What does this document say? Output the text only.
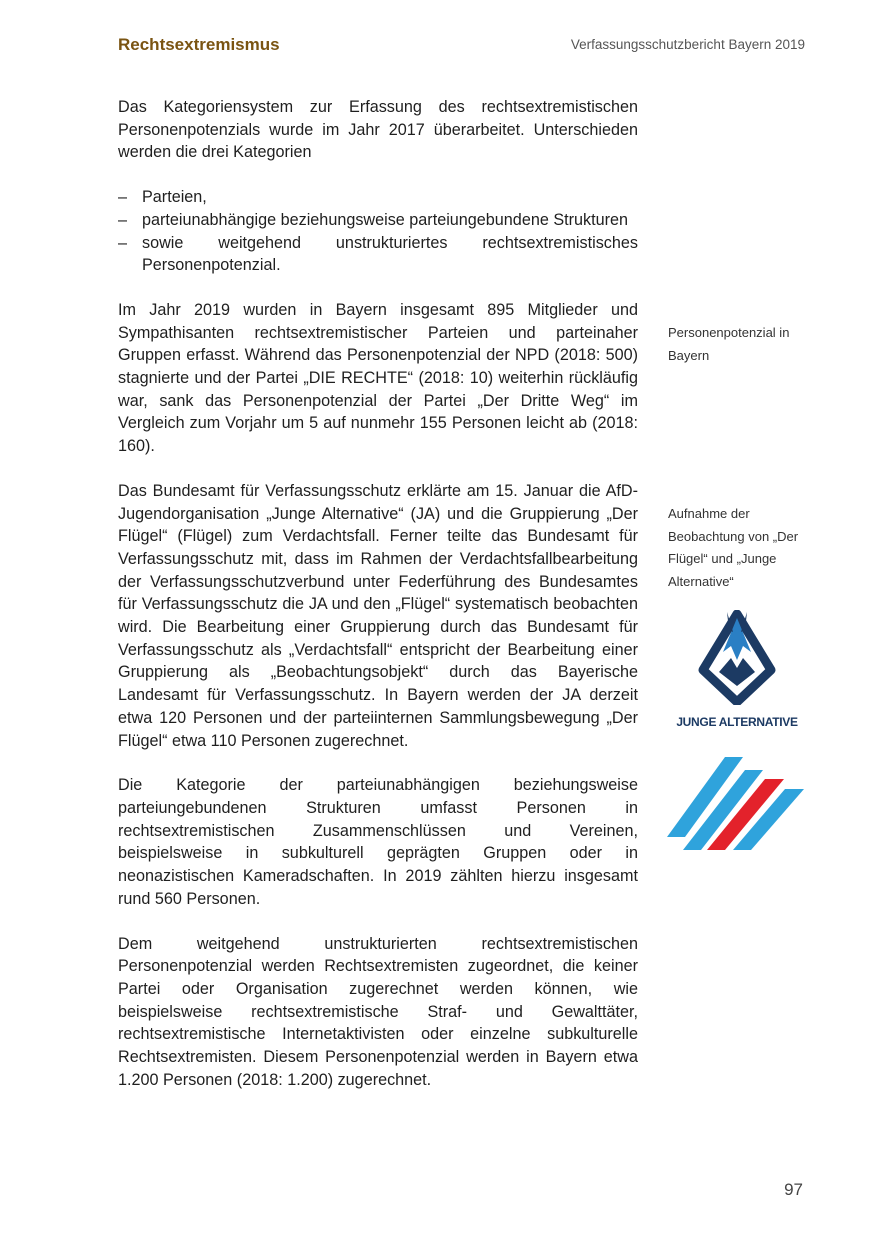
Rechtsextremismus	Verfassungsschutzbericht Bayern 2019

Das Kategoriensystem zur Erfassung des rechtsextremistischen Personenpotenzials wurde im Jahr 2017 überarbeitet. Unterschieden werden die drei Kategorien

– Parteien,
– parteiunabhängige beziehungsweise parteiungebundene Strukturen
– sowie weitgehend unstrukturiertes rechtsextremistisches Personenpotenzial.

Im Jahr 2019 wurden in Bayern insgesamt 895 Mitglieder und Sympathisanten rechtsextremistischer Parteien und parteinaher Gruppen erfasst. Während das Personenpotenzial der NPD (2018: 500) stagnierte und der Partei „DIE RECHTE“ (2018: 10) weiterhin rückläufig war, sank das Personenpotenzial der Partei „Der Dritte Weg“ im Vergleich zum Vorjahr um 5 auf nunmehr 155 Personen leicht ab (2018: 160).

Das Bundesamt für Verfassungsschutz erklärte am 15. Januar die AfD-Jugendorganisation „Junge Alternative“ (JA) und die Gruppierung „Der Flügel“ (Flügel) zum Verdachtsfall. Ferner teilte das Bundesamt für Verfassungsschutz mit, dass im Rahmen der Verdachtsfallbearbeitung der Verfassungsschutzverbund unter Federführung des Bundesamtes für Verfassungsschutz die JA und den „Flügel“ systematisch beobachten wird. Die Bearbeitung einer Gruppierung durch das Bundesamt für Verfassungsschutz als „Verdachtsfall“ entspricht der Bearbeitung einer Gruppierung als „Beobachtungsobjekt“ durch das Bayerische Landesamt für Verfassungsschutz. In Bayern werden der JA derzeit etwa 120 Personen und der parteiinternen Sammlungsbewegung „Der Flügel“ etwa 110 Personen zugerechnet.

Die Kategorie der parteiunabhängigen beziehungsweise parteiungebundenen Strukturen umfasst Personen in rechtsextremistischen Zusammenschlüssen und Vereinen, beispielsweise in subkulturell geprägten Gruppen oder in neonazistischen Kameradschaften. In 2019 zählten hierzu insgesamt rund 560 Personen.

Dem weitgehend unstrukturierten rechtsextremistischen Personenpotenzial werden Rechtsextremisten zugeordnet, die keiner Partei oder Organisation zugerechnet werden können, wie beispielsweise rechtsextremistische Straf- und Gewalttäter, rechtsextremistische Internetaktivisten oder einzelne subkulturelle Rechtsextremisten. Diesem Personenpotenzial werden in Bayern etwa 1.200 Personen (2018: 1.200) zugerechnet.

Personenpotenzial in Bayern
Aufnahme der Beobachtung von „Der Flügel“ und „Junge Alternative“
JUNGE ALTERNATIVE
97
